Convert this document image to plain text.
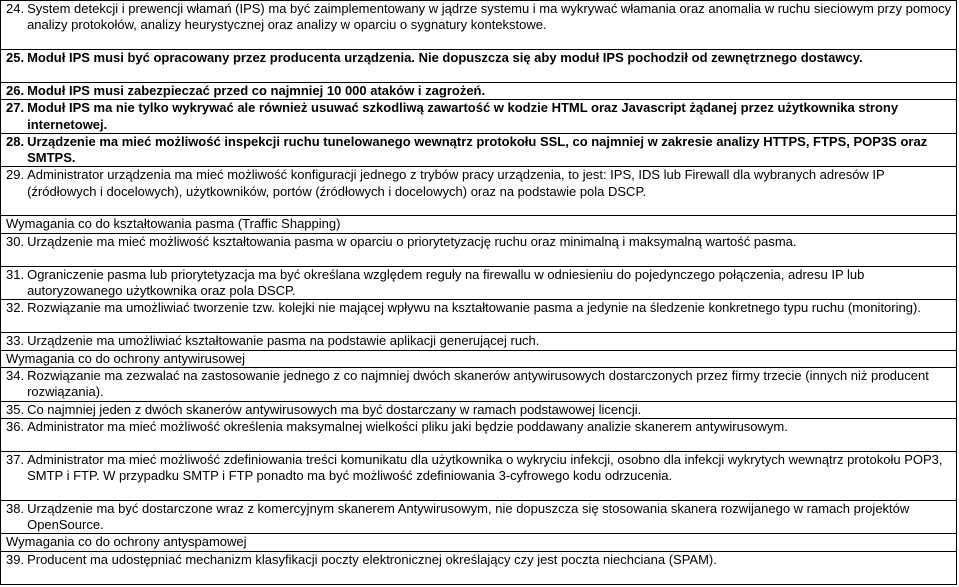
24. System detekcji i prewencji włamań (IPS) ma być zaimplementowany w jądrze systemu i ma wykrywać włamania oraz anomalia w ruchu sieciowym przy pomocy analizy protokołów, analizy heurystycznej oraz analizy w oparciu o sygnatury kontekstowe.

25. Moduł IPS musi być opracowany przez producenta urządzenia. Nie dopuszcza się aby moduł IPS pochodził od zewnętrznego dostawcy.

26. Moduł IPS musi zabezpieczać przed co najmniej 10 000 ataków i zagrożeń.

27. Moduł IPS ma nie tylko wykrywać ale również usuwać szkodliwą zawartość w kodzie HTML oraz Javascript żądanej przez użytkownika strony internetowej.

28. Urządzenie ma mieć możliwość inspekcji ruchu tunelowanego wewnątrz protokołu SSL, co najmniej w zakresie analizy HTTPS, FTPS, POP3S oraz SMTPS.

29. Administrator urządzenia ma mieć możliwość konfiguracji jednego z trybów pracy urządzenia, to jest: IPS, IDS lub Firewall dla wybranych adresów IP (źródłowych i docelowych), użytkowników, portów (źródłowych i docelowych) oraz na podstawie pola DSCP.

Wymagania co do kształtowania pasma (Traffic Shapping)

30. Urządzenie ma mieć możliwość kształtowania pasma w oparciu o priorytetyzację ruchu oraz minimalną i maksymalną wartość pasma.

31. Ograniczenie pasma lub priorytetyzacja ma być określana względem reguły na firewallu w odniesieniu do pojedynczego połączenia, adresu IP lub autoryzowanego użytkownika oraz pola DSCP.

32. Rozwiązanie ma umożliwiać tworzenie tzw. kolejki nie mającej wpływu na kształtowanie pasma a jedynie na śledzenie konkretnego typu ruchu (monitoring).

33. Urządzenie ma umożliwiać kształtowanie pasma na podstawie aplikacji generującej ruch.

Wymagania co do ochrony antywirusowej

34. Rozwiązanie ma zezwalać na zastosowanie jednego z co najmniej dwóch skanerów antywirusowych dostarczonych przez firmy trzecie (innych niż producent rozwiązania).

35. Co najmniej jeden z dwóch skanerów antywirusowych ma być dostarczany w ramach podstawowej licencji.

36. Administrator ma mieć możliwość określenia maksymalnej wielkości pliku jaki będzie poddawany analizie skanerem antywirusowym.

37. Administrator ma mieć możliwość zdefiniowania treści komunikatu dla użytkownika o wykryciu infekcji, osobno dla infekcji wykrytych wewnątrz protokołu POP3, SMTP i FTP. W przypadku SMTP i FTP ponadto ma być możliwość zdefiniowania 3-cyfrowego kodu odrzucenia.

38. Urządzenie ma być dostarczone wraz z komercyjnym skanerem Antywirusowym, nie dopuszcza się stosowania skanera rozwijanego w ramach projektów OpenSource.

Wymagania co do ochrony antyspamowej

39. Producent ma udostępniać mechanizm klasyfikacji poczty elektronicznej określający czy jest poczta niechciana (SPAM).
